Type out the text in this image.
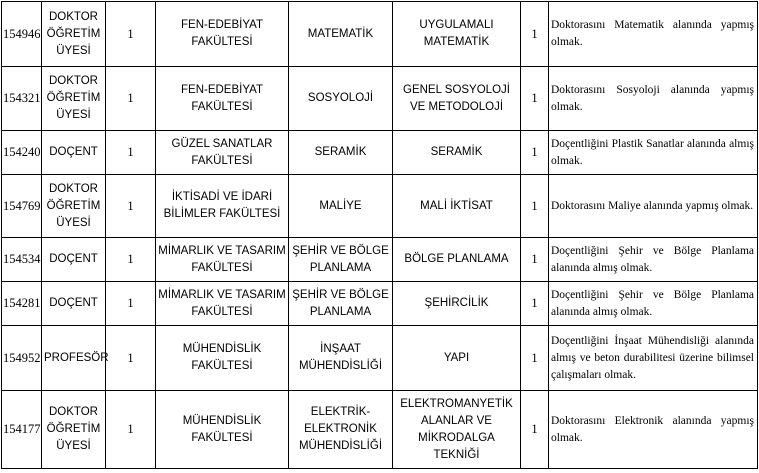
154946	DOKTOR ÖĞRETİM ÜYESİ	1	FEN-EDEBİYAT FAKÜLTESİ	MATEMATİK	UYGULAMALI MATEMATİK	1	Doktorasını Matematik alanında yapmış olmak.
154321	DOKTOR ÖĞRETİM ÜYESİ	1	FEN-EDEBİYAT FAKÜLTESİ	SOSYOLOJİ	GENEL SOSYOLOJİ VE METODOLOJİ	1	Doktorasını Sosyoloji alanında yapmış olmak.
154240	DOÇENT	1	GÜZEL SANATLAR FAKÜLTESİ	SERAMİK	SERAMİK	1	Doçentliğini Plastik Sanatlar alanında almış olmak.
154769	DOKTOR ÖĞRETİM ÜYESİ	1	İKTİSADİ VE İDARİ BİLİMLER FAKÜLTESİ	MALİYE	MALİ İKTİSAT	1	Doktorasını Maliye alanında yapmış olmak.
154534	DOÇENT	1	MİMARLIK VE TASARIM FAKÜLTESİ	ŞEHİR VE BÖLGE PLANLAMA	BÖLGE PLANLAMA	1	Doçentliğini Şehir ve Bölge Planlama alanında almış olmak.
154281	DOÇENT	1	MİMARLIK VE TASARIM FAKÜLTESİ	ŞEHİR VE BÖLGE PLANLAMA	ŞEHİRCİLİK	1	Doçentliğini Şehir ve Bölge Planlama alanında almış olmak.
154952	PROFESÖR	1	MÜHENDİSLİK FAKÜLTESİ	İNŞAAT MÜHENDİSLİĞİ	YAPI	1	Doçentliğini İnşaat Mühendisliği alanında almış ve beton durabilitesi üzerine bilimsel çalışmaları olmak.
154177	DOKTOR ÖĞRETİM ÜYESİ	1	MÜHENDİSLİK FAKÜLTESİ	ELEKTRİK-ELEKTRONİK MÜHENDİSLİĞİ	ELEKTROMANYETİK ALANLAR VE MİKRODALGA TEKNİĞİ	1	Doktorasını Elektronik alanında yapmış olmak.
